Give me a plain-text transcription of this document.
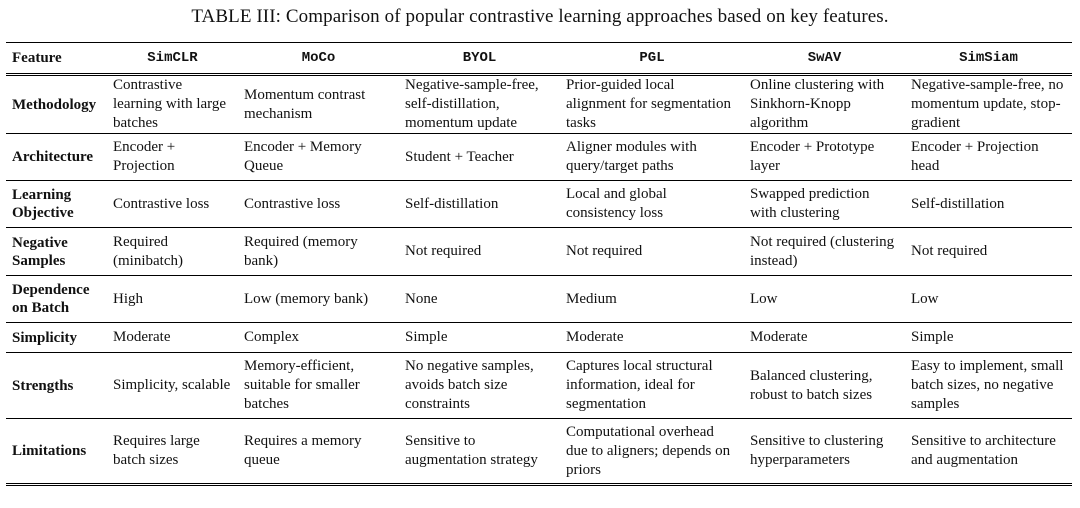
TABLE III: Comparison of popular contrastive learning approaches based on key features.
Feature	SimCLR	MoCo	BYOL	PGL	SwAV	SimSiam
Methodology	Contrastive learning with large batches	Momentum contrast mechanism	Negative-sample-free, self-distillation, momentum update	Prior-guided local alignment for segmentation tasks	Online clustering with Sinkhorn-Knopp algorithm	Negative-sample-free, no momentum update, stop-gradient
Architecture	Encoder + Projection	Encoder + Memory Queue	Student + Teacher	Aligner modules with query/target paths	Encoder + Prototype layer	Encoder + Projection head
Learning Objective	Contrastive loss	Contrastive loss	Self-distillation	Local and global consistency loss	Swapped prediction with clustering	Self-distillation
Negative Samples	Required (minibatch)	Required (memory bank)	Not required	Not required	Not required (clustering instead)	Not required
Dependence on Batch	High	Low (memory bank)	None	Medium	Low	Low
Simplicity	Moderate	Complex	Simple	Moderate	Moderate	Simple
Strengths	Simplicity, scalable	Memory-efficient, suitable for smaller batches	No negative samples, avoids batch size constraints	Captures local structural information, ideal for segmentation	Balanced clustering, robust to batch sizes	Easy to implement, small batch sizes, no negative samples
Limitations	Requires large batch sizes	Requires a memory queue	Sensitive to augmentation strategy	Computational overhead due to aligners; depends on priors	Sensitive to clustering hyperparameters	Sensitive to architecture and augmentation
